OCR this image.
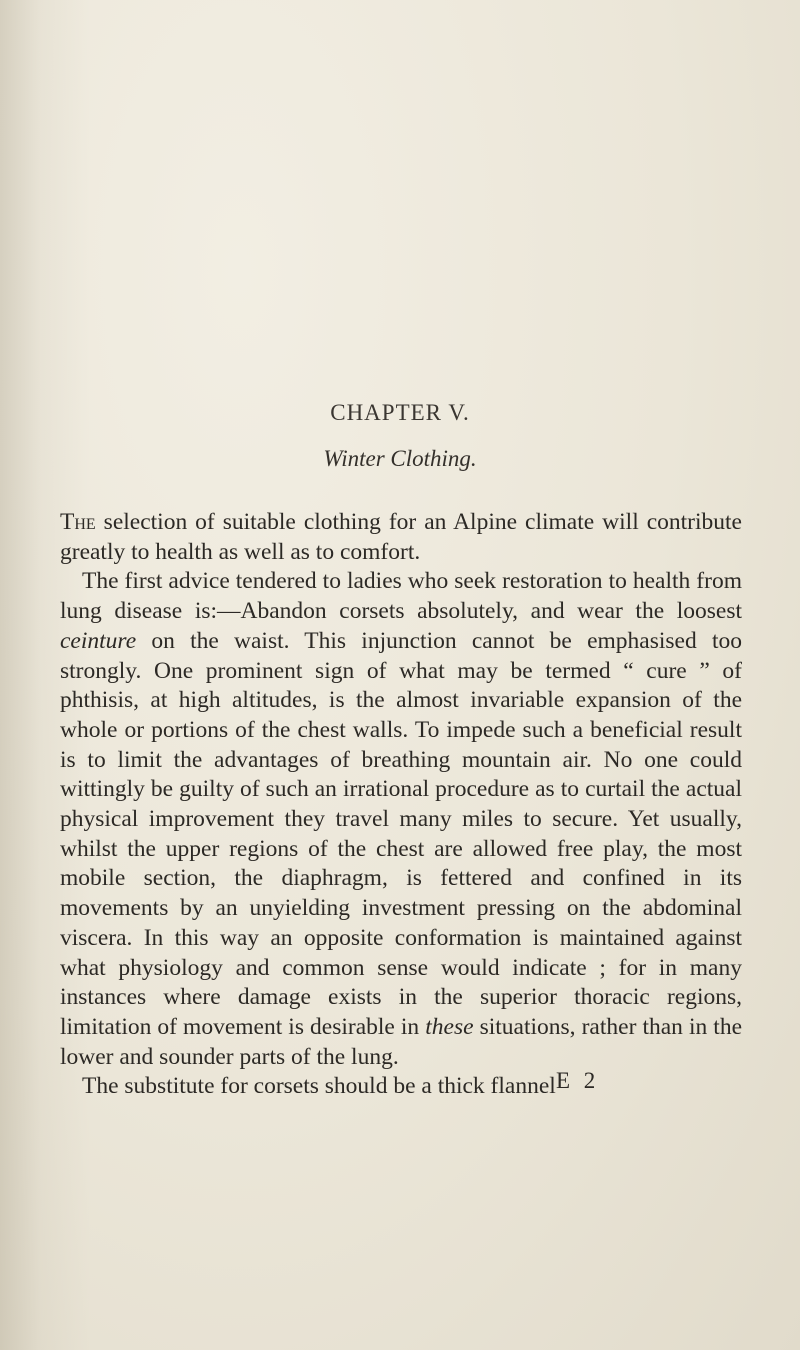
CHAPTER V.
Winter Clothing.

The selection of suitable clothing for an Alpine climate will contribute greatly to health as well as to comfort.

The first advice tendered to ladies who seek restoration to health from lung disease is:—Abandon corsets absolutely, and wear the loosest ceinture on the waist. This injunction cannot be emphasised too strongly. One prominent sign of what may be termed “ cure ” of phthisis, at high altitudes, is the almost invariable expansion of the whole or portions of the chest walls. To impede such a beneficial result is to limit the advantages of breathing mountain air. No one could wittingly be guilty of such an irrational procedure as to curtail the actual physical improvement they travel many miles to secure. Yet usually, whilst the upper regions of the chest are allowed free play, the most mobile section, the diaphragm, is fettered and confined in its movements by an unyielding investment pressing on the abdominal viscera. In this way an opposite conformation is maintained against what physiology and common sense would indicate ; for in many instances where damage exists in the superior thoracic regions, limitation of movement is desirable in these situations, rather than in the lower and sounder parts of the lung.

The substitute for corsets should be a thick flannel E 2
